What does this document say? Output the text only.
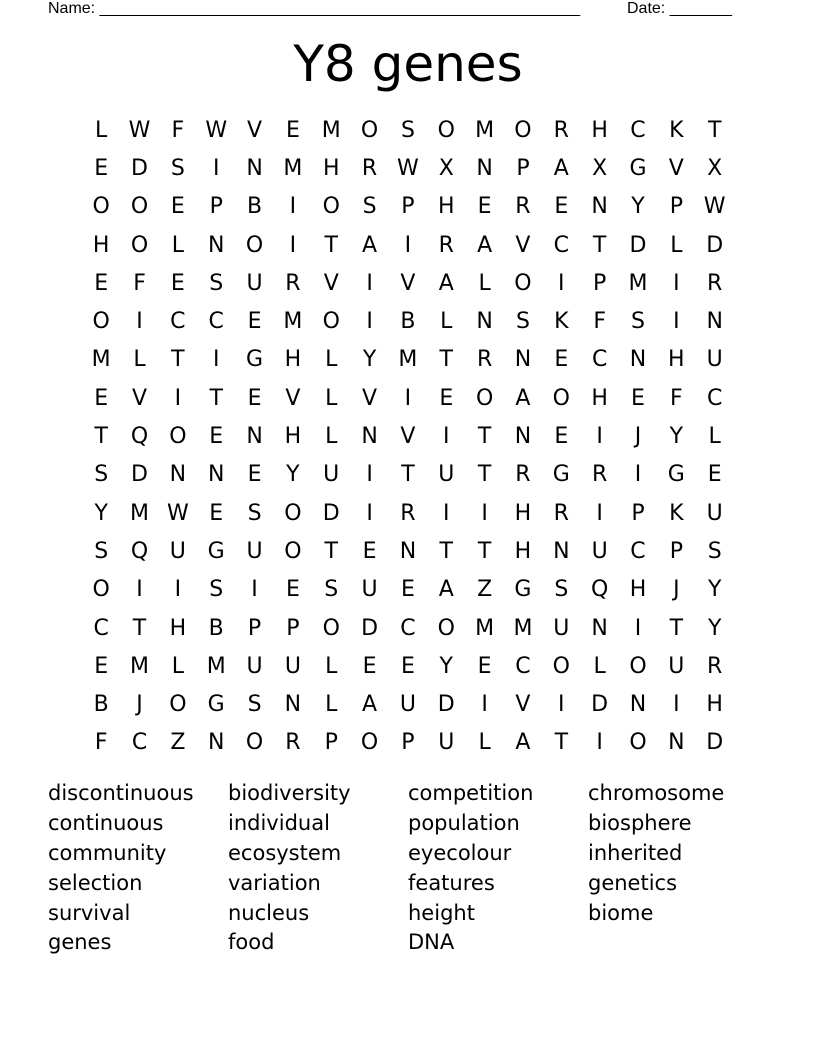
Name: ______________________________________________________	Date: _______
Y8 genes
L W F W V	E M O	S	O M O	R	H	C	K	T
E	D	S	I	N M H	R W X	N	P	A	X	G	V	X
O O	E	P	B	I	O	S	P	H	E	R	E	N	Y	P W
H O	L	N O	I	T	A	I	R	A	V	C	T	D	L	D
E	F	E	S	U	R	V	I	V	A	L	O	I	P	M	I	R
O	I	C	C	E M O	I	B	L	N	S	K	F	S	I	N
M	L	T	I	G H	L	Y	M	T	R	N	E	C	N H	U
E	V	I	T	E	V	L	V	I	E	O	A	O H	E	F	C
T	Q O	E	N H	L	N	V	I	T	N	E	I	J	Y	L
S	D N N	E	Y	U	I	T	U	T	R	G	R	I	G	E
Y	M W E	S	O D	I	R	I	I	H	R	I	P	K	U
S	Q U G U O	T	E	N	T	T	H N	U	C	P	S
O	I	I	S	I	E	S	U	E	A	Z	G	S	Q H	J	Y
C	T	H	B	P	P	O D	C O M M U	N	I	T	Y
E M	L	M U	U	L	E	E	Y	E	C O	L	O U	R
B	J	O G	S	N	L	A	U D	I	V	I	D N	I	H
F	C	Z	N O	R	P	O	P	U	L	A	T	I	O N D
discontinuous	biodiversity	competition	chromosome
continuous	individual	population	biosphere
community	ecosystem	eyecolour	inherited
selection	variation	features	genetics
survival	nucleus	height	biome
genes	food	DNA
